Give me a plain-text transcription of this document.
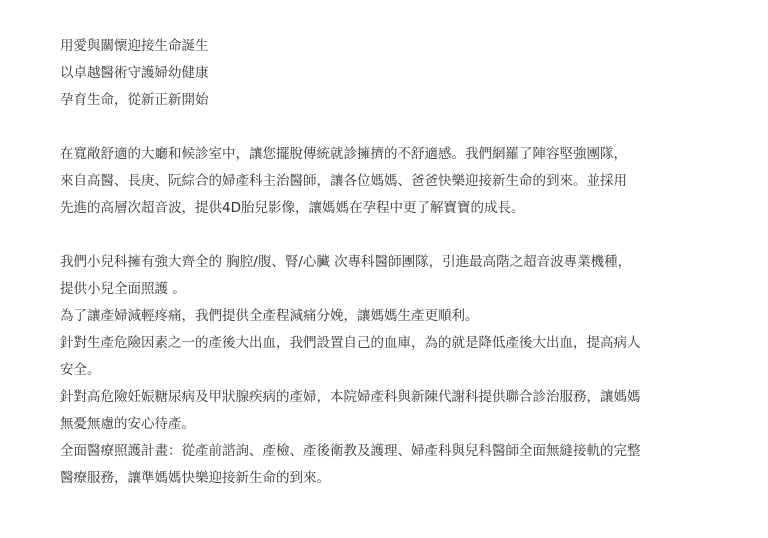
用愛與關懷迎接生命誕生
以卓越醫術守護婦幼健康
孕育生命，從新正新開始
在寬敞舒適的大廳和候診室中，讓您擺脫傳統就診擁擠的不舒適感。我們網羅了陣容堅強團隊，
來自高醫、長庚、阮綜合的婦產科主治醫師，讓各位媽媽、爸爸快樂迎接新生命的到來。並採用
先進的高層次超音波，提供4D胎兒影像，讓媽媽在孕程中更了解寶寶的成長。
我們小兒科擁有強大齊全的 胸腔/腹、腎/心臟 次專科醫師團隊，引進最高階之超音波專業機種，
提供小兒全面照護 。
為了讓產婦減輕疼痛，我們提供全產程減痛分娩，讓媽媽生產更順利。
針對生產危險因素之一的產後大出血，我們設置自己的血庫，為的就是降低產後大出血，提高病人
安全。
針對高危險妊娠糖尿病及甲狀腺疾病的產婦，本院婦產科與新陳代謝科提供聯合診治服務，讓媽媽
無憂無慮的安心待產。
全面醫療照護計畫：從產前諮詢、產檢、產後衛教及護理、婦產科與兒科醫師全面無縫接軌的完整
醫療服務，讓準媽媽快樂迎接新生命的到來。
